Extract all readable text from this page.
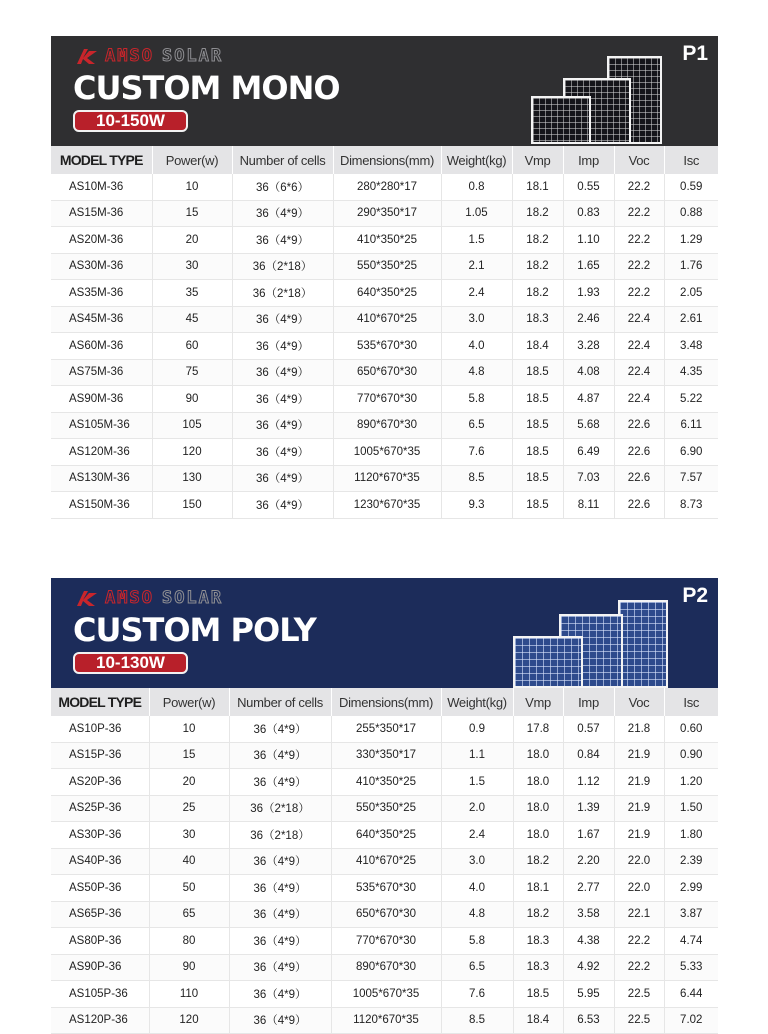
AMSO SOLAR
CUSTOM MONO
10-150W
P1
MODEL TYPE	Power(w)	Number of cells	Dimensions(mm)	Weight(kg)	Vmp	Imp	Voc	Isc
AS10M-36	10	36（6*6）	280*280*17	0.8	18.1	0.55	22.2	0.59
AS15M-36	15	36（4*9）	290*350*17	1.05	18.2	0.83	22.2	0.88
AS20M-36	20	36（4*9）	410*350*25	1.5	18.2	1.10	22.2	1.29
AS30M-36	30	36（2*18）	550*350*25	2.1	18.2	1.65	22.2	1.76
AS35M-36	35	36（2*18）	640*350*25	2.4	18.2	1.93	22.2	2.05
AS45M-36	45	36（4*9）	410*670*25	3.0	18.3	2.46	22.4	2.61
AS60M-36	60	36（4*9）	535*670*30	4.0	18.4	3.28	22.4	3.48
AS75M-36	75	36（4*9）	650*670*30	4.8	18.5	4.08	22.4	4.35
AS90M-36	90	36（4*9）	770*670*30	5.8	18.5	4.87	22.4	5.22
AS105M-36	105	36（4*9）	890*670*30	6.5	18.5	5.68	22.6	6.11
AS120M-36	120	36（4*9）	1005*670*35	7.6	18.5	6.49	22.6	6.90
AS130M-36	130	36（4*9）	1120*670*35	8.5	18.5	7.03	22.6	7.57
AS150M-36	150	36（4*9）	1230*670*35	9.3	18.5	8.11	22.6	8.73
AMSO SOLAR
CUSTOM POLY
10-130W
P2
MODEL TYPE	Power(w)	Number of cells	Dimensions(mm)	Weight(kg)	Vmp	Imp	Voc	Isc
AS10P-36	10	36（4*9）	255*350*17	0.9	17.8	0.57	21.8	0.60
AS15P-36	15	36（4*9）	330*350*17	1.1	18.0	0.84	21.9	0.90
AS20P-36	20	36（4*9）	410*350*25	1.5	18.0	1.12	21.9	1.20
AS25P-36	25	36（2*18）	550*350*25	2.0	18.0	1.39	21.9	1.50
AS30P-36	30	36（2*18）	640*350*25	2.4	18.0	1.67	21.9	1.80
AS40P-36	40	36（4*9）	410*670*25	3.0	18.2	2.20	22.0	2.39
AS50P-36	50	36（4*9）	535*670*30	4.0	18.1	2.77	22.0	2.99
AS65P-36	65	36（4*9）	650*670*30	4.8	18.2	3.58	22.1	3.87
AS80P-36	80	36（4*9）	770*670*30	5.8	18.3	4.38	22.2	4.74
AS90P-36	90	36（4*9）	890*670*30	6.5	18.3	4.92	22.2	5.33
AS105P-36	110	36（4*9）	1005*670*35	7.6	18.5	5.95	22.5	6.44
AS120P-36	120	36（4*9）	1120*670*35	8.5	18.4	6.53	22.5	7.02
